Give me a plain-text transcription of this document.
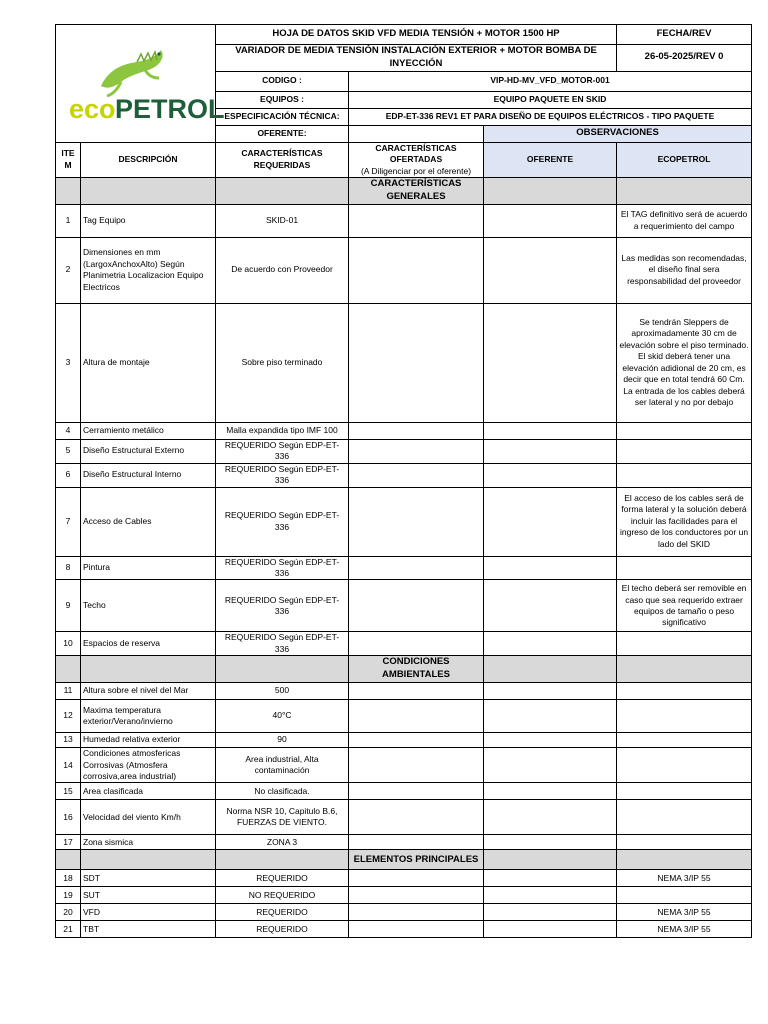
eco PETROL		HOJA DE DATOS SKID VFD MEDIA TENSIÓN + MOTOR 1500 HP			FECHA/REV
		VARIADOR DE MEDIA TENSIÓN INSTALACIÓN EXTERIOR + MOTOR BOMBA DE INYECCIÓN			26-05-2025/REV 0
		CODIGO :	VIP-HD-MV_VFD_MOTOR-001		
		EQUIPOS :	EQUIPO PAQUETE EN SKID		
		ESPECIFICACIÓN TÉCNICA:	EDP-ET-336 REV1 ET PARA DISEÑO DE EQUIPOS ELÉCTRICOS - TIPO PAQUETE		
		OFERENTE:		OBSERVACIONES	
ITEM	DESCRIPCIÓN	CARACTERÍSTICAS REQUERIDAS	CARACTERÍSTICAS OFERTADAS
(A Diligenciar por el oferente)	OFERENTE	ECOPETROL
			CARACTERÍSTICAS GENERALES		
1	Tag Equipo	SKID-01			El TAG definitivo será de acuerdo a requerimiento del campo
2	Dimensiones en mm (LargoxAnchoxAlto) Según Planimetria Localizacion Equipo Electricos	De acuerdo con Proveedor			Las medidas son recomendadas, el diseño final sera responsabilidad del proveedor
3	Altura de montaje	Sobre piso terminado			Se tendrán Sleppers de aproximadamente 30 cm de elevación sobre el piso terminado. El skid deberá tener una elevación adidional de 20 cm, es decir que en total tendrá 60 Cm. La entrada de los cables deberá ser lateral y no por debajo
4	Cerramiento metálico	Malla expandida tipo IMF 100			
5	Diseño Estructural Externo	REQUERIDO Según EDP-ET-336			
6	Diseño Estructural Interno	REQUERIDO Según EDP-ET-336			
7	Acceso de Cables	REQUERIDO Según EDP-ET-336			El acceso de los cables será de forma lateral y la solución deberá incluir las facilidades para el ingreso de los conductores por un lado del SKID
8	Pintura	REQUERIDO Según EDP-ET-336			
9	Techo	REQUERIDO Según EDP-ET-336			El techo deberá ser removible en caso que sea requerido extraer equipos de tamaño o peso significativo
10	Espacios de reserva	REQUERIDO Según EDP-ET-336			
			CONDICIONES AMBIENTALES		
11	Altura sobre el nivel del Mar	500			
12	Maxima temperatura exterior/Verano/invierno	40°C			
13	Humedad relativa exterior	90			
14	Condiciones atmosfericas Corrosivas (Atmosfera corrosiva,area industrial)	Area industrial, Alta contaminación			
15	Area clasificada	No clasificada.			
16	Velocidad del viento Km/h	Norma NSR 10, Capitulo B.6, FUERZAS DE VIENTO.			
17	Zona sismica	ZONA 3			
			ELEMENTOS PRINCIPALES		
18	SDT	REQUERIDO			NEMA 3/IP 55
19	SUT	NO REQUERIDO			
20	VFD	REQUERIDO			NEMA 3/IP 55
21	TBT	REQUERIDO			NEMA 3/IP 55
